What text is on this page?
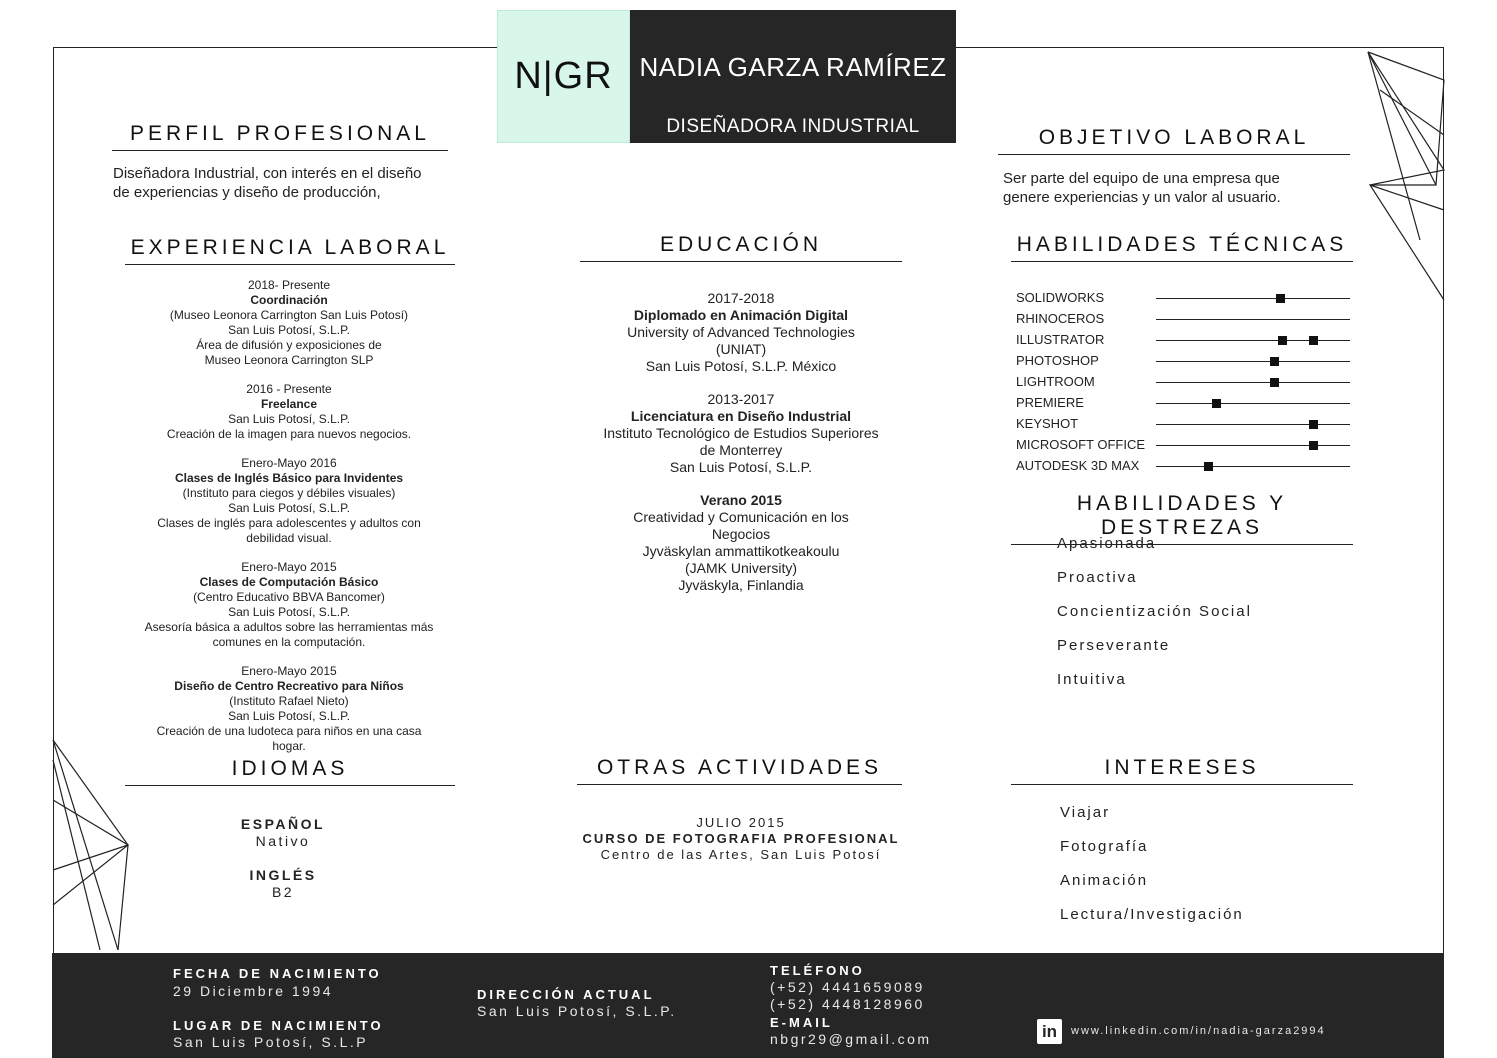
N|GR	NADIA GARZA RAMÍREZ
DISEÑADORA INDUSTRIAL
PERFIL PROFESIONAL
Diseñadora Industrial, con interés en el diseño
de experiencias y diseño de producción,
OBJETIVO LABORAL
Ser parte del equipo de una empresa que
genere experiencias y un valor al usuario.
EXPERIENCIA LABORAL
2018- Presente
Coordinación
(Museo Leonora Carrington San Luis Potosí)
San Luis Potosí, S.L.P.
Área de difusión y exposiciones de
Museo Leonora Carrington SLP
2016 - Presente
Freelance
San Luis Potosí, S.L.P.
Creación de la imagen para nuevos negocios.
Enero-Mayo 2016
Clases de Inglés Básico para Invidentes
(Instituto para ciegos y débiles visuales)
San Luis Potosí, S.L.P.
Clases de inglés para adolescentes y adultos con
debilidad visual.
Enero-Mayo 2015
Clases de Computación Básico
(Centro Educativo BBVA Bancomer)
San Luis Potosí, S.L.P.
Asesoría básica a adultos sobre las herramientas más
comunes en la computación.
Enero-Mayo 2015
Diseño de Centro Recreativo para Niños
(Instituto Rafael Nieto)
San Luis Potosí, S.L.P.
Creación de una ludoteca para niños en una casa
hogar.
EDUCACIÓN
2017-2018
Diplomado en Animación Digital
University of Advanced Technologies
(UNIAT)
San Luis Potosí, S.L.P. México
2013-2017
Licenciatura en Diseño Industrial
Instituto Tecnológico de Estudios Superiores
de Monterrey
San Luis Potosí, S.L.P.
Verano 2015
Creatividad y Comunicación en los
Negocios
Jyväskylan ammattikotkeakoulu
(JAMK University)
Jyväskyla, Finlandia
HABILIDADES TÉCNICAS
SOLIDWORKS
RHINOCEROS
ILLUSTRATOR
PHOTOSHOP
LIGHTROOM
PREMIERE
KEYSHOT
MICROSOFT OFFICE
AUTODESK 3D MAX
HABILIDADES Y DESTREZAS
Apasionada
Proactiva
Concientización Social
Perseverante
Intuitiva
IDIOMAS
ESPAÑOL
Nativo
INGLÉS
B2
OTRAS ACTIVIDADES
JULIO 2015
CURSO DE FOTOGRAFIA PROFESIONAL
Centro de las Artes, San Luis Potosí
INTERESES
Viajar
Fotografía
Animación
Lectura/Investigación
FECHA DE NACIMIENTO
29 Diciembre 1994
LUGAR DE NACIMIENTO
San Luis Potosí, S.L.P
DIRECCIÓN ACTUAL
San Luis Potosí, S.L.P.
TELÉFONO
(+52) 4441659089
(+52) 4448128960
E-MAIL
nbgr29@gmail.com	in	www.linkedin.com/in/nadia-garza2994
